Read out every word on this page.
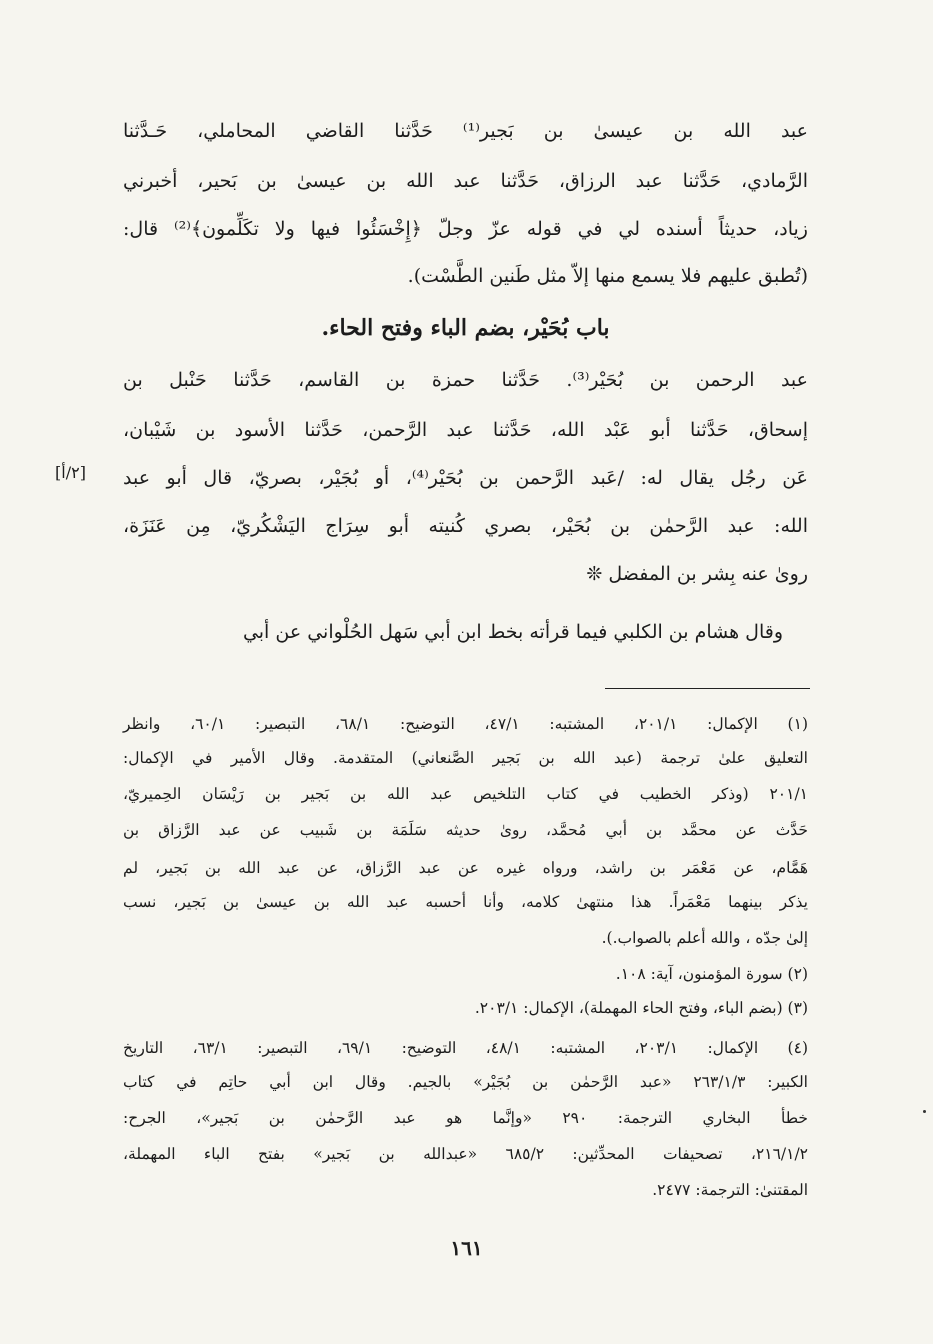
عبد الله بن عيسىٰ بن بَجير⁽¹⁾ حَدَّثنا القاضي المحاملي، حَـدَّثنا
الرَّمادي، حَدَّثنا عبد الرزاق، حَدَّثنا عبد الله بن عيسىٰ بن بَحير، أخبرني
زياد، حديثاً أسنده لي في قوله عزّ وجلّ ﴿إِخْسَئُوا فيها ولا تكَلِّمون﴾⁽²⁾ قال:
(تُطبق عليهم فلا يسمع منها إلاّ مثل طَنين الطَّسْت).
باب بُحَيْر، بضم الباء وفتح الحاء.
عبد الرحمن بن بُحَيْر⁽³⁾. حَدَّثنا حمزة بن القاسم، حَدَّثنا حَنْبل بن
إسحاق، حَدَّثنا أبو عَبْد الله، حَدَّثنا عبد الرَّحمن، حَدَّثنا الأسود بن شَيْبان،
عَن رجُل يقال له: /عَبد الرَّحمن بن بُحَيْر⁽⁴⁾، أو بُجَيْر، بصريّ، قال أبو عبد
الله: عبد الرَّحمٰن بن بُحَيْر، بصري كُنيته أبو سِرَاج اليَشْكُريّ، مِن عَنَزَة،
روىٰ عنه بِشر بن المفضل ❊
وقال هشام بن الكلبي فيما قرأته بخط ابن أبي سَهل الحُلْواني عن أبي
[٢/أ]
(١) الإكمال: ٢٠١/١، المشتبه: ٤٧/١، التوضيح: ٦٨/١، التبصير: ٦٠/١، وانظر
التعليق علىٰ ترجمة (عبد الله بن بَجير الصَّنعاني) المتقدمة. وقال الأمير في الإكمال:
٢٠١/١ (وذكر الخطيب في كتاب التلخيص عبد الله بن بَجير بن رَيْسَان الحِميريّ،
حَدَّث عن محمَّد بن أبي مُحمَّد، روىٰ حديثه سَلَمَة بن شَبيب عن عبد الرَّزاق بن
هَمَّام، عن مَعْمَر بن راشد، ورواه غيره عن عبد الرَّزاق، عن عبد الله بن بَجير، لم
يذكر بينهما مَعْمَراً. هذا منتهىٰ كلامه، وأنا أحسبه عبد الله بن عيسىٰ بن بَجير، نسب
إلىٰ جدّه ، والله أعلم بالصواب.).
(٢) سورة المؤمنون، آية: ١٠٨.
(٣) (بضم الباء، وفتح الحاء المهملة)، الإكمال: ٢٠٣/١.
(٤) الإكمال: ٢٠٣/١، المشتبه: ٤٨/١، التوضيح: ٦٩/١، التبصير: ٦٣/١، التاريخ
الكبير: ٢٦٣/١/٣ «عبد الرَّحمٰن بن بُجَيْر» بالجيم. وقال ابن أبي حاتِم في كتاب
خطأ البخاري الترجمة: ٢٩٠ «وإنَّما هو عبد الرَّحمٰن بن بَجير»، الجرح:
٢١٦/١/٢، تصحيفات المحدِّثين: ٦٨٥/٢ «عبدالله بن بَجير» بفتح الباء المهملة،
المقتنىٰ: الترجمة: ٢٤٧٧.
١٦١
